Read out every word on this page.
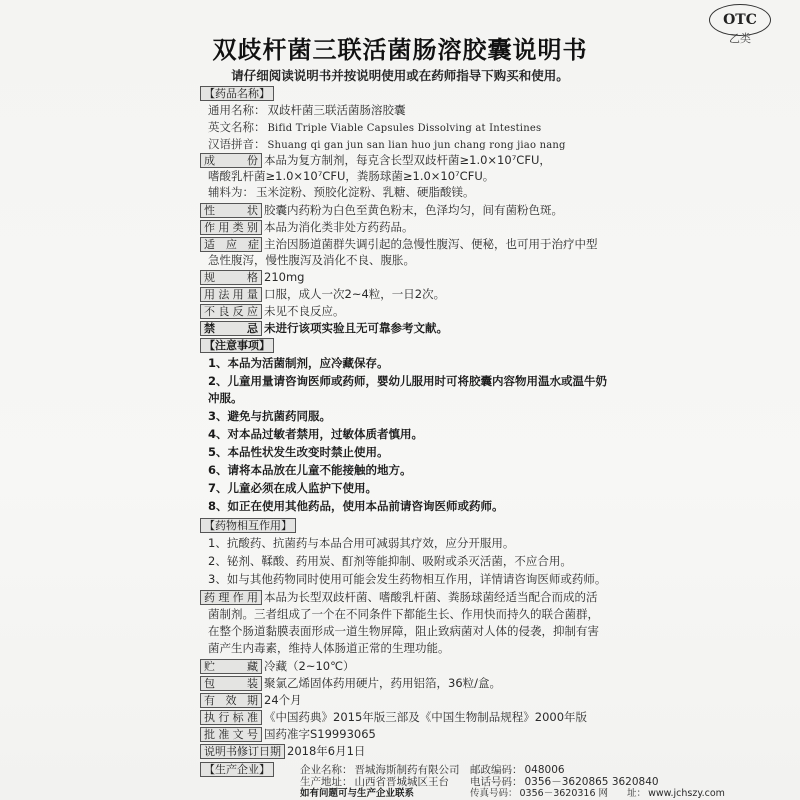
OTC
乙类
双歧杆菌三联活菌肠溶胶囊说明书
请仔细阅读说明书并按说明使用或在药师指导下购买和使用。
【药品名称】
通用名称： 双歧杆菌三联活菌肠溶胶囊
英文名称： Bifid Triple Viable Capsules Dissolving at Intestines
汉语拼音： Shuang qi gan jun san lian huo jun chang rong jiao nang
成　　份 本品为复方制剂，每克含长型双歧杆菌≥1.0×10⁷CFU，
嗜酸乳杆菌≥1.0×10⁷CFU，粪肠球菌≥1.0×10⁷CFU。
辅料为： 玉米淀粉、预胶化淀粉、乳糖、硬脂酸镁。
性　　状 胶囊内药粉为白色至黄色粉末，色泽均匀，间有菌粉色斑。
作用类别 本品为消化类非处方药药品。
适　应　症 主治因肠道菌群失调引起的急慢性腹泻、便秘，也可用于治疗中型
急性腹泻，慢性腹泻及消化不良、腹胀。
规　　格 210mg
用法用量 口服，成人一次2~4粒，一日2次。
不良反应 未见不良反应。
禁　　忌 未进行该项实验且无可靠参考文献。
【注意事项】
1、本品为活菌制剂，应冷藏保存。
2、儿童用量请咨询医师或药师，婴幼儿服用时可将胶囊内容物用温水或温牛奶
冲服。
3、避免与抗菌药同服。
4、对本品过敏者禁用，过敏体质者慎用。
5、本品性状发生改变时禁止使用。
6、请将本品放在儿童不能接触的地方。
7、儿童必须在成人监护下使用。
8、如正在使用其他药品，使用本品前请咨询医师或药师。
【药物相互作用】
1、抗酸药、抗菌药与本品合用可减弱其疗效，应分开服用。
2、铋剂、鞣酸、药用炭、酊剂等能抑制、吸附或杀灭活菌，不应合用。
3、如与其他药物同时使用可能会发生药物相互作用，详情请咨询医师或药师。
药理作用 本品为长型双歧杆菌、嗜酸乳杆菌、粪肠球菌经适当配合而成的活
菌制剂。三者组成了一个在不同条件下都能生长、作用快而持久的联合菌群，
在整个肠道黏膜表面形成一道生物屏障，阻止致病菌对人体的侵袭，抑制有害
菌产生内毒素，维持人体肠道正常的生理功能。
贮　　藏 冷藏（2~10℃）
包　　装 聚氯乙烯固体药用硬片，药用铝箔，36粒/盒。
有 效 期 24个月
执行标准 《中国药典》2015年版三部及《中国生物制品规程》2000年版
批准文号 国药准字S19993065
说明书修订日期 2018年6月1日
【生产企业】	企业名称： 晋城海斯制药有限公司
生产地址： 山西省晋城城区王台
如有问题可与生产企业联系
邮政编码： 048006
电话号码： 0356－3620865 3620840
传真号码： 0356－3620316 网　　址： www.jchszy.com
